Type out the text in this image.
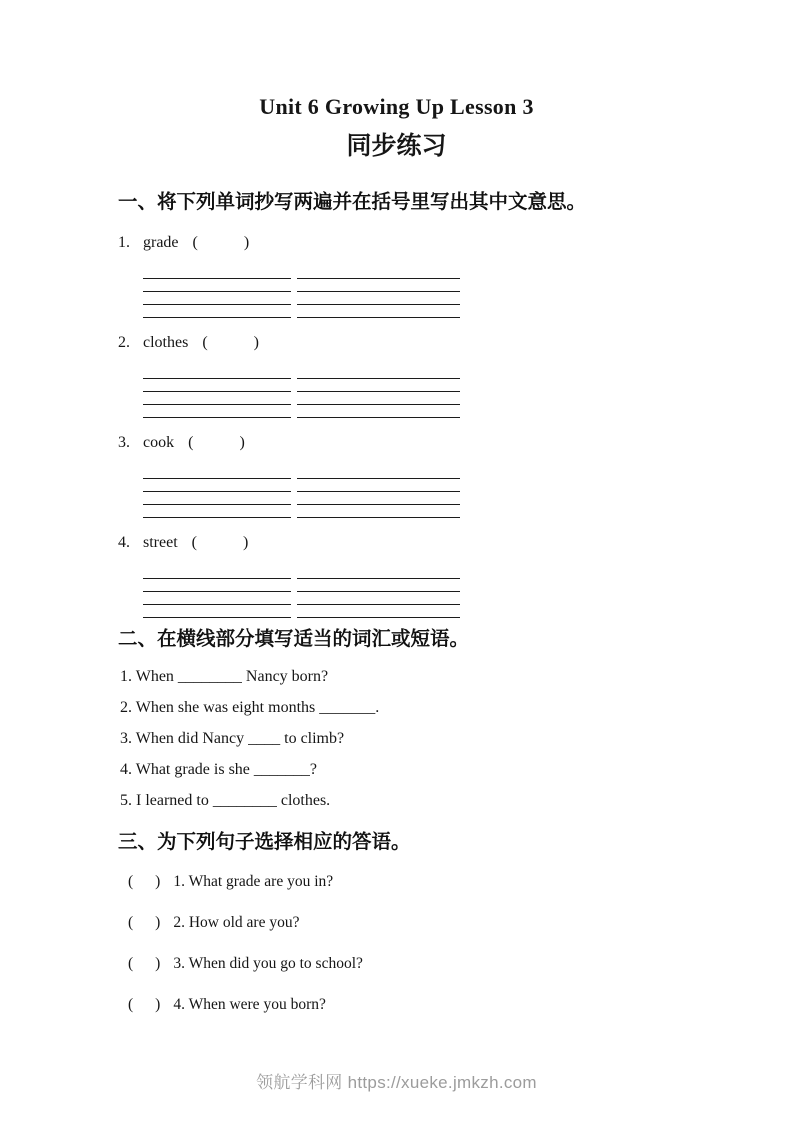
Unit 6 Growing Up Lesson 3
同步练习
一、将下列单词抄写两遍并在括号里写出其中文意思。
1. grade (	)
2. clothes (	)
3. cook (	)
4. street (	)
二、在横线部分填写适当的词汇或短语。
1. When ________ Nancy born?
2. When she was eight months _______.
3. When did Nancy ____ to climb?
4. What grade is she _______?
5. I learned to ________ clothes.
三、为下列句子选择相应的答语。
( ) 1. What grade are you in?
( ) 2. How old are you?
( ) 3. When did you go to school?
( ) 4. When were you born?
领航学科网 https://xueke.jmkzh.com
